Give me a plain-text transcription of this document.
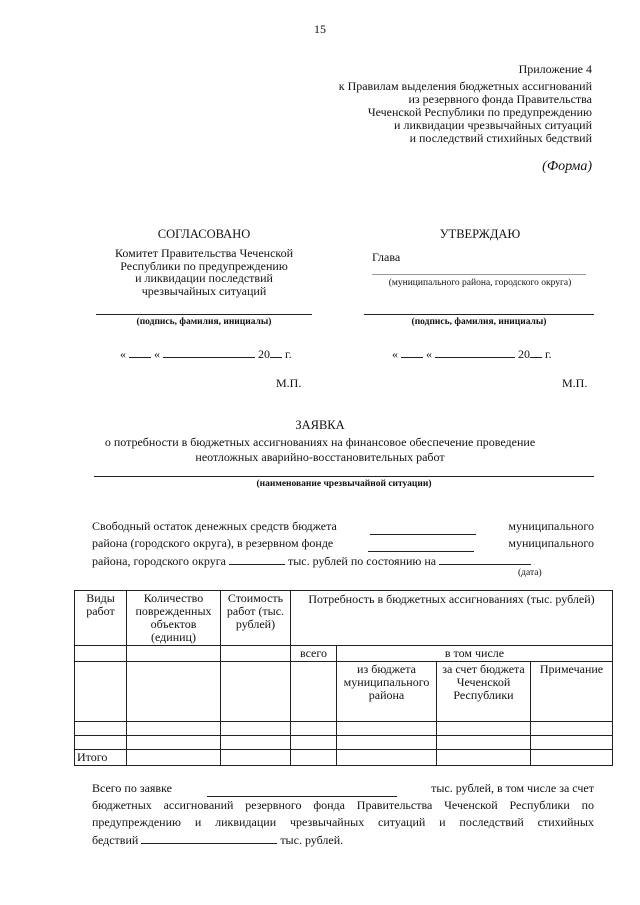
15
Приложение 4
к Правилам выделения бюджетных ассигнований
из резервного фонда Правительства
Чеченской Республики по предупреждению
и ликвидации чрезвычайных ситуаций
и последствий стихийных бедствий
(Форма)
СОГЛАСОВАНО
Комитет Правительства Чеченской
Республики по предупреждению
и ликвидации последствий
чрезвычайных ситуаций
(подпись, фамилия, инициалы)
« «	20 г.
М.П.
УТВЕРЖДАЮ
Глава
(муниципального района, городского округа)
(подпись, фамилия, инициалы)
« «	20 г.
М.П.
ЗАЯВКА
о потребности в бюджетных ассигнованиях на финансовое обеспечение проведение
неотложных аварийно-восстановительных работ
(наименование чрезвычайной ситуации)
Свободный остаток денежных средств бюджета	муниципального
района (городского округа), в резервном фонде	муниципального
района, городского округа	тыс. рублей по состоянию на
(дата)
Виды работ	Количество поврежденных объектов (единиц)	Стоимость работ (тыс. рублей)	Потребность в бюджетных ассигнованиях (тыс. рублей)			

			всего	в том числе		
				из бюджета муниципального района	за счет бюджета Чеченской Республики	Примечание

Итого						
Всего по заявке	тыс. рублей, в том числе за счет
бюджетных ассигнований резервного фонда Правительства Чеченской Республики по
предупреждению и ликвидации чрезвычайных ситуаций и последствий стихийных
бедствий	тыс. рублей.
